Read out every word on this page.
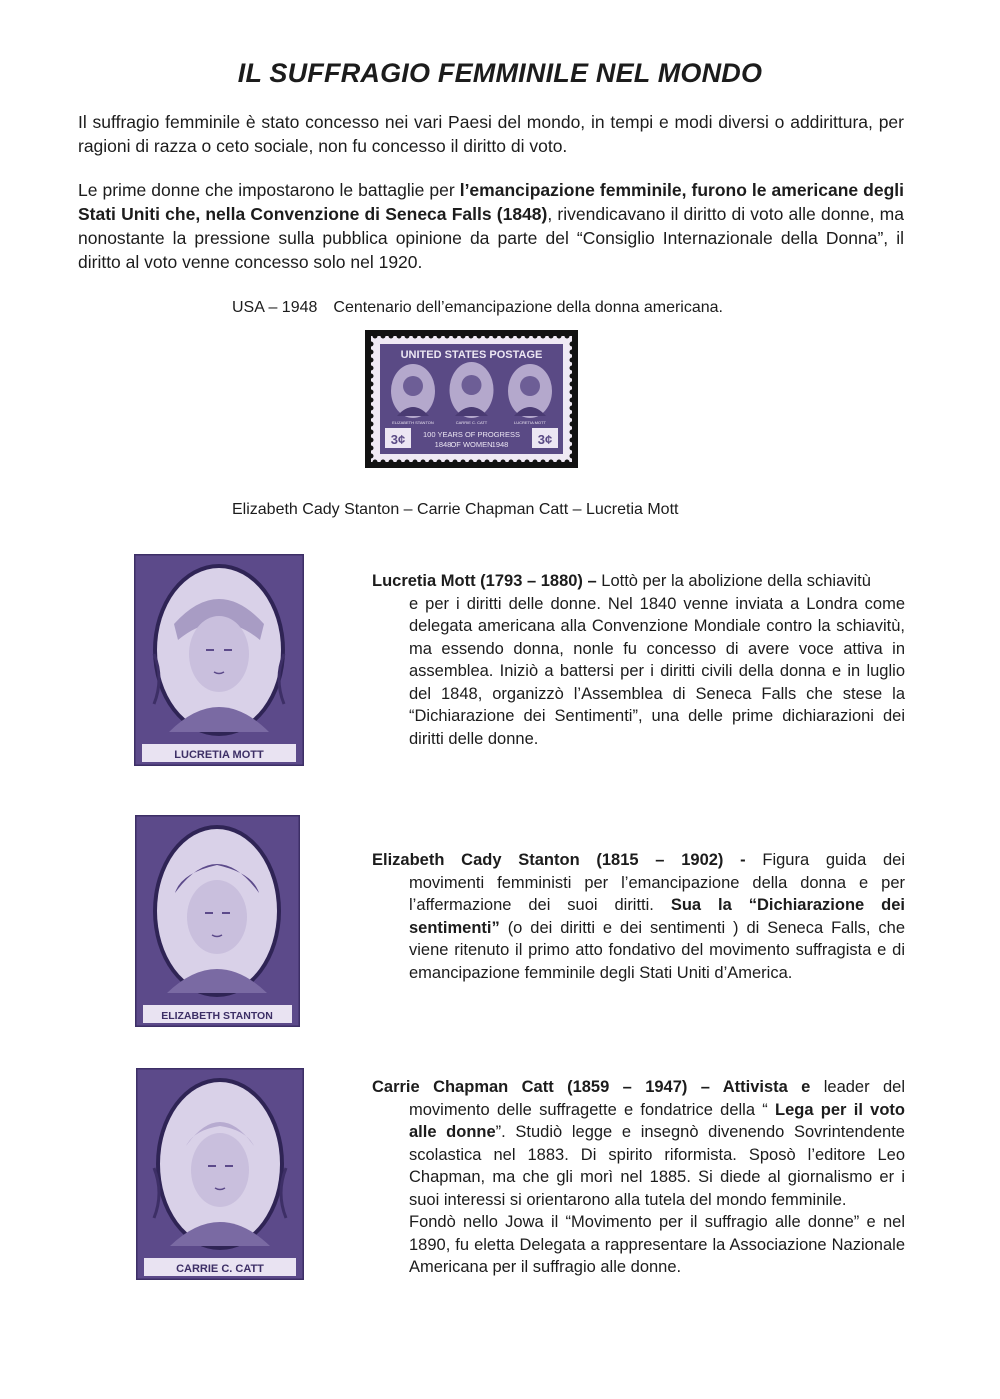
IL SUFFRAGIO FEMMINILE NEL MONDO

Il suffragio femminile è stato concesso nei vari Paesi del mondo, in tempi e modi diversi o addirittura, per ragioni di razza o ceto sociale, non fu concesso il diritto di voto.

Le prime donne che impostarono le battaglie per l’emancipazione femminile, furono le americane degli Stati Uniti che, nella Convenzione di Seneca Falls (1848), rivendicavano il diritto di voto alle donne, ma nonostante la pressione sulla pubblica opinione da parte del “Consiglio Internazionale della Donna”, il diritto al voto venne concesso solo nel 1920.

USA – 1948 Centenario dell’emancipazione della donna americana.
UNITED STATES POSTAGE
ELIZABETH STANTON	CARRIE C. CATT	LUCRETIA MOTT
3¢	3¢
100 YEARS OF PROGRESS
1848 OF WOMEN 1948
Elizabeth Cady Stanton – Carrie Chapman Catt – Lucretia Mott
LUCRETIA MOTT
ELIZABETH STANTON
CARRIE C. CATT
Lucretia Mott (1793 – 1880) – Lottò per la abolizione della schiavitù
e per i diritti delle donne. Nel 1840 venne inviata a Londra come delegata americana alla Convenzione Mondiale contro la schiavitù, ma essendo donna, nonle fu concesso di avere voce attiva in assemblea. Iniziò a battersi per i diritti civili della donna e in luglio del 1848, organizzò l’Assemblea di Seneca Falls che stese la “Dichiarazione dei Sentimenti”, una delle prime dichiarazioni dei diritti delle donne.
Elizabeth Cady Stanton (1815 – 1902) - Figura guida dei
movimenti femministi per l’emancipazione della donna e per l’affermazione dei suoi diritti. Sua la “Dichiarazione dei sentimenti” (o dei diritti e dei sentimenti ) di Seneca Falls, che viene ritenuto il primo atto fondativo del movimento suffragista e di emancipazione femminile degli Stati Uniti d’America.
Carrie Chapman Catt (1859 – 1947) – Attivista e leader del
movimento delle suffragette e fondatrice della “ Lega per il voto alle donne”. Studiò legge e insegnò divenendo Sovrintendente scolastica nel 1883. Di spirito riformista. Sposò l’editore Leo Chapman, ma che gli morì nel 1885. Si diede al giornalismo er i suoi interessi si orientarono alla tutela del mondo femminile.
Fondò nello Jowa il “Movimento per il suffragio alle donne” e nel 1890, fu eletta Delegata a rappresentare la Associazione Nazionale Americana per il suffragio alle donne.
